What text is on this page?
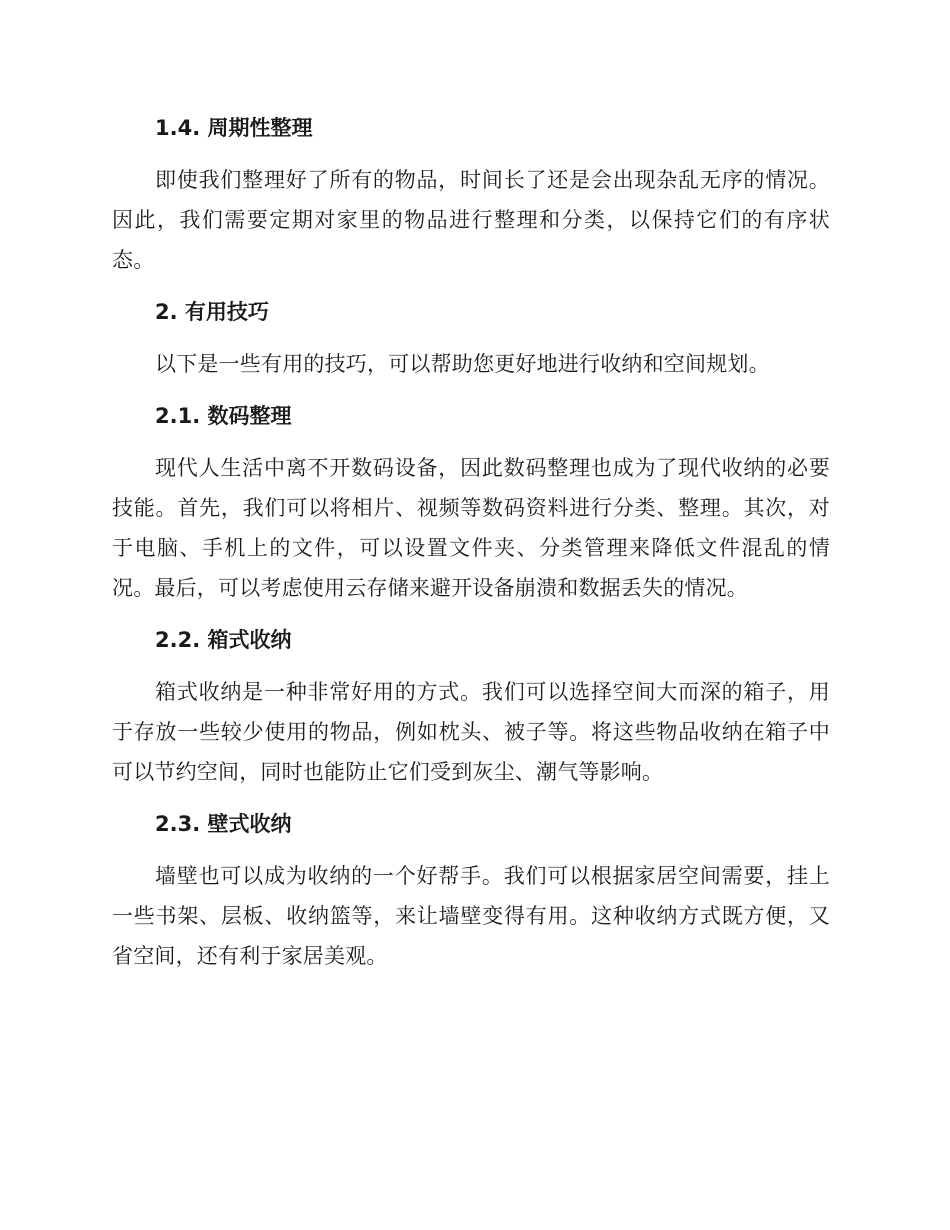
1.4. 周期性整理

即使我们整理好了所有的物品，时间长了还是会出现杂乱无序的情况。因此，我们需要定期对家里的物品进行整理和分类，以保持它们的有序状态。

2. 有用技巧

以下是一些有用的技巧，可以帮助您更好地进行收纳和空间规划。

2.1. 数码整理

现代人生活中离不开数码设备，因此数码整理也成为了现代收纳的必要技能。首先，我们可以将相片、视频等数码资料进行分类、整理。其次，对于电脑、手机上的文件，可以设置文件夹、分类管理来降低文件混乱的情况。最后，可以考虑使用云存储来避开设备崩溃和数据丢失的情况。

2.2. 箱式收纳

箱式收纳是一种非常好用的方式。我们可以选择空间大而深的箱子，用于存放一些较少使用的物品，例如枕头、被子等。将这些物品收纳在箱子中可以节约空间，同时也能防止它们受到灰尘、潮气等影响。

2.3. 壁式收纳

墙壁也可以成为收纳的一个好帮手。我们可以根据家居空间需要，挂上一些书架、层板、收纳篮等，来让墙壁变得有用。这种收纳方式既方便，又省空间，还有利于家居美观。
